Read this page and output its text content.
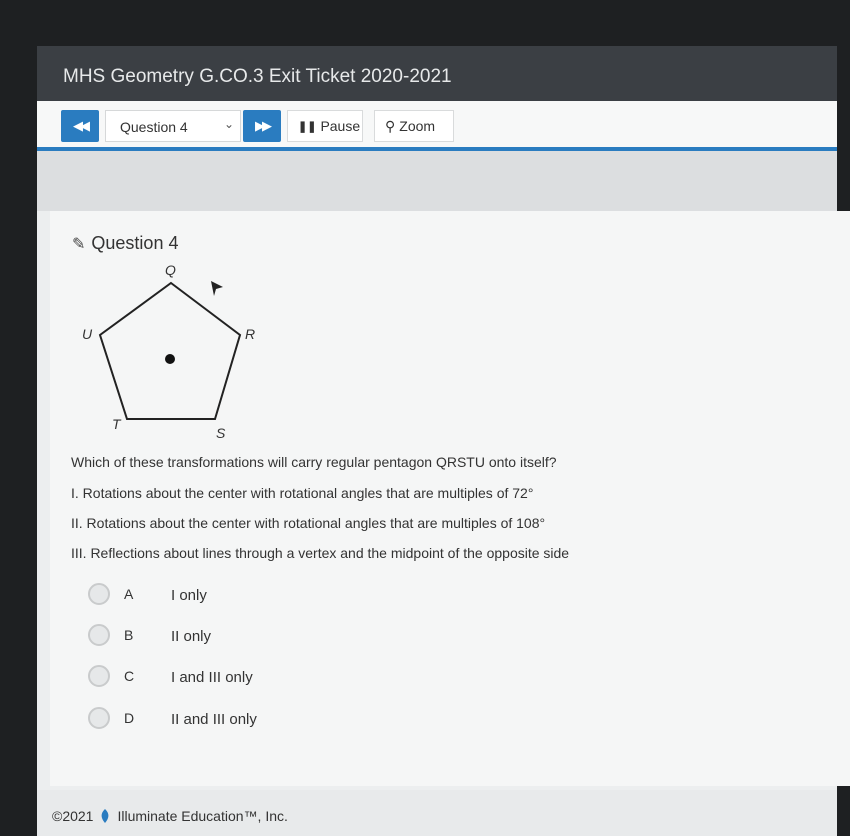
MHS Geometry G.CO.3 Exit Ticket 2020-2021
◀◀ Question 4	⌄ ▶▶	❚❚ Pause ⚲ Zoom
✎ Question 4
Q
R
S
T
U
Which of these transformations will carry regular pentagon QRSTU onto itself?
I. Rotations about the center with rotational angles that are multiples of 72°
II. Rotations about the center with rotational angles that are multiples of 108°
III. Reflections about lines through a vertex and the midpoint of the opposite side
A	I only
B	II only
C I and III only
D II and III only
©2021 Illuminate Education™, Inc.
